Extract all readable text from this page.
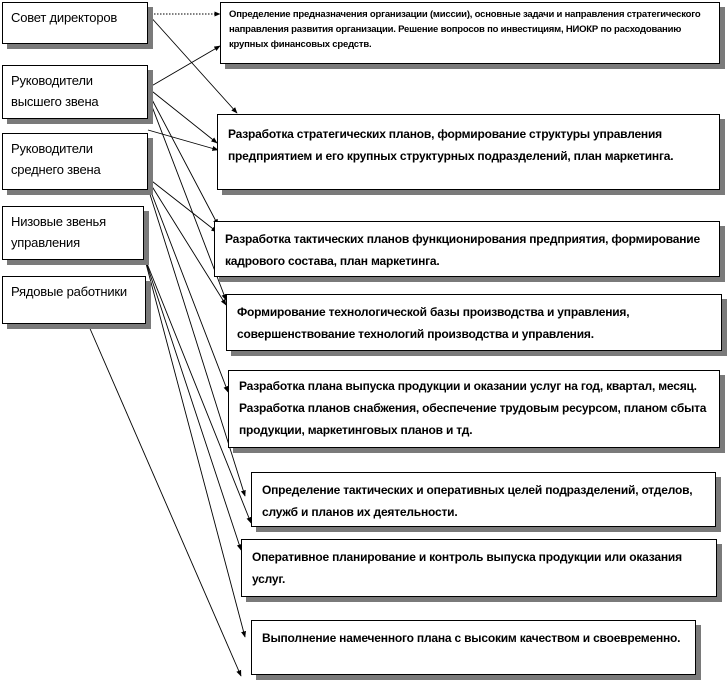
Совет директоров
Руководители высшего звена
Руководители среднего звена
Низовые звенья управления
Рядовые работники
Определение предназначения организации (миссии), основные задачи и направления стратегического направления развития организации. Решение вопросов по инвестициям, НИОКР по расходованию крупных финансовых средств.
Разработка стратегических планов, формирование структуры управления предприятием и его крупных структурных подразделений, план маркетинга.
Разработка тактических планов функционирования предприятия, формирование кадрового состава, план маркетинга.
Формирование технологической базы производства и управления, совершенствование технологий производства и управления.
Разработка плана выпуска продукции и оказании услуг на год, квартал, месяц. Разработка планов снабжения, обеспечение трудовым ресурсом, планом сбыта продукции, маркетинговых планов и тд.
Определение тактических и оперативных целей подразделений, отделов, служб и планов их деятельности.
Оперативное планирование и контроль выпуска продукции или оказания услуг.
Выполнение намеченного плана с высоким качеством и своевременно.
